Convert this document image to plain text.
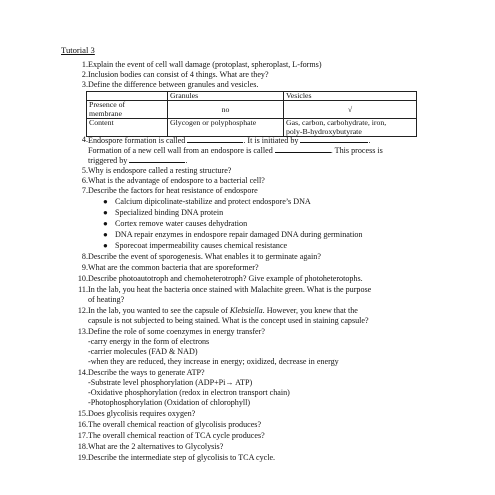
Tutorial 3
1. Explain the event of cell wall damage (protoplast, spheroplast, L-forms)
2. Inclusion bodies can consist of 4 things. What are they?
3. Define the difference between granules and vesicles.
	Granules	Vesicles
Presence of
membrane	no	√
Content	Glycogen or polyphosphate	Gas, carbon, carbohydrate, iron,
poly-B-hydroxybutyrate
4. Endospore formation is called	. It is initiated by	.
Formation of a new cell wall from an endospore is called	. This process is
triggered by	.
5. Why is endospore called a resting structure?
6. What is the advantage of endospore to a bacterial cell?
7. Describe the factors for heat resistance of endospore
● Calcium dipicolinate-stabilize and protect endospore’s DNA
● Specialized binding DNA protein
● Cortex remove water causes dehydration
● DNA repair enzymes in endospore repair damaged DNA during germination
● Sporecoat impermeability causes chemical resistance
8. Describe the event of sporogenesis. What enables it to germinate again?
9. What are the common bacteria that are sporeformer?
10. Describe photoautotroph and chemoheterotroph? Give example of photoheterotophs.
11. In the lab, you heat the bacteria once stained with Malachite green. What is the purpose
of heating?
12. In the lab, you wanted to see the capsule of Klebsiella. However, you knew that the
capsule is not subjected to being stained. What is the concept used in staining capsule?
13. Define the role of some coenzymes in energy transfer?
-carry energy in the form of electrons
-carrier molecules (FAD & NAD)
-when they are reduced, they increase in energy; oxidized, decrease in energy
14. Describe the ways to generate ATP?
-Substrate level phosphorylation (ADP+Pi→ ATP)
-Oxidative phosphorylation (redox in electron transport chain)
-Photophosphorylation (Oxidation of chlorophyll)
15. Does glycolisis requires oxygen?
16. The overall chemical reaction of glycolisis produces?
17. The overall chemical reaction of TCA cycle produces?
18. What are the 2 alternatives to Glycolysis?
19. Describe the intermediate step of glycolisis to TCA cycle.
